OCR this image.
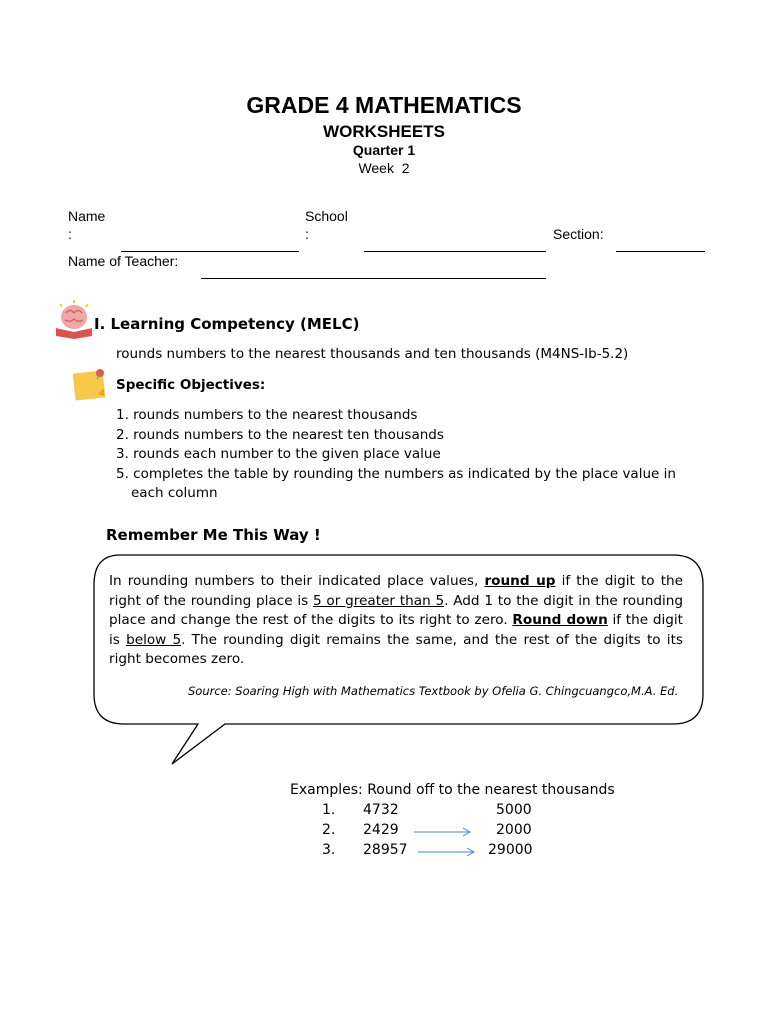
GRADE 4 MATHEMATICS
WORKSHEETS
Quarter 1
Week  2
Name
:
School
:	Section:
Name of Teacher:
I. Learning Competency (MELC)
rounds numbers to the nearest thousands and ten thousands (M4NS-Ib-5.2)
Specific Objectives:
1. rounds numbers to the nearest thousands
2. rounds numbers to the nearest ten thousands
3. rounds each number to the given place value
5. completes the table by rounding the numbers as indicated by the place value in
each column
Remember Me This Way !
In rounding numbers to their indicated place values, round up if the digit to the right of the rounding place is 5 or greater than 5. Add 1 to the digit in the rounding place and change the rest of the digits to its right to zero. Round down if the digit is below 5. The rounding digit remains the same, and the rest of the digits to its right becomes zero.
Source: Soaring High with Mathematics Textbook by Ofelia G. Chingcuangco,M.A. Ed.
Examples: Round off to the nearest thousands
1. 4732	5000
2. 2429	2000
3. 28957	29000
